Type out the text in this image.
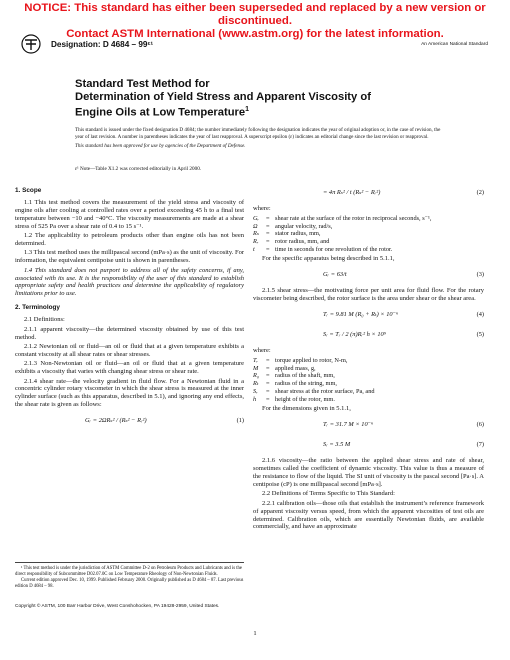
NOTICE: This standard has either been superseded and replaced by a new version or discontinued.
Contact ASTM International (www.astm.org) for the latest information.
Designation: D 4684 – 99ᵋ¹	An American National Standard
Standard Test Method for
Determination of Yield Stress and Apparent Viscosity of
Engine Oils at Low Temperature$^1$
This standard is issued under the fixed designation D 4684; the number immediately following the designation indicates the year of original adoption or, in the case of revision, the year of last revision. A number in parentheses indicates the year of last reapproval. A superscript epsilon (ε) indicates an editorial change since the last revision or reapproval.
This standard has been approved for use by agencies of the Department of Defense.
ε¹ Note—Table X1.2 was corrected editorially in April 2000.
1. Scope
1.1 This test method covers the measurement of the yield stress and viscosity of engine oils after cooling at controlled rates over a period exceeding 45 h to a final test temperature between −10 and −40°C. The viscosity measurements are made at a shear stress of 525 Pa over a shear rate of 0.4 to 15 s⁻¹.
1.2 The applicability to petroleum products other than engine oils has not been determined.
1.3 This test method uses the millipascal second (mPa·s) as the unit of viscosity. For information, the equivalent centipoise unit is shown in parentheses.
1.4 This standard does not purport to address all of the safety concerns, if any, associated with its use. It is the responsibility of the user of this standard to establish appropriate safety and health practices and determine the applicability of regulatory limitations prior to use.
2. Terminology
2.1 Definitions:
2.1.1 apparent viscosity—the determined viscosity obtained by use of this test method.
2.1.2 Newtonian oil or fluid—an oil or fluid that at a given temperature exhibits a constant viscosity at all shear rates or shear stresses.
2.1.3 Non-Newtonian oil or fluid—an oil or fluid that at a given temperature exhibits a viscosity that varies with changing shear stress or shear rate.
2.1.4 shear rate—the velocity gradient in fluid flow. For a Newtonian fluid in a concentric cylinder rotary viscometer in which the shear stress is measured at the inner cylinder surface (such as this apparatus, described in 5.1), and ignoring any end effects, the shear rate is given as follows:
Gᵣ = 2ΩRₛ² / (Rₛ² − Rᵣ²)	(1)
= 4π Rₛ² / t (Rₛ² − Rᵣ²)	(2)
where:
Gᵣ	= shear rate at the surface of the rotor in reciprocal seconds, s⁻¹,
Ω	= angular velocity, rad/s,
Rₛ	= stator radius, mm,
Rᵣ	= rotor radius, mm, and
t	= time in seconds for one revolution of the rotor.
For the specific apparatus being described in 5.1.1,
Gᵣ = 63/t	(3)
2.1.5 shear stress—the motivating force per unit area for fluid flow. For the rotary viscometer being described, the rotor surface is the area under shear or the shear area.
Tᵣ = 9.81 M (R₀ + Rₜ) × 10⁻⁶	(4)
Sᵣ = Tᵣ / 2 (π)Rᵣ² h × 10⁹	(5)
where:
Tᵣ	= torque applied to rotor, N-m,
M	= applied mass, g,
R₀	= radius of the shaft, mm,
Rₜ	= radius of the string, mm,
Sᵣ	= shear stress at the rotor surface, Pa, and
h	= height of the rotor, mm.
For the dimensions given in 5.1.1,
Tᵣ = 31.7 M × 10⁻⁶	(6)
Sᵣ = 3.5 M	(7)
2.1.6 viscosity—the ratio between the applied shear stress and rate of shear, sometimes called the coefficient of dynamic viscosity. This value is thus a measure of the resistance to flow of the liquid. The SI unit of viscosity is the pascal second [Pa·s]. A centipoise (cP) is one millipascal second [mPa·s].
2.2 Definitions of Terms Specific to This Standard:
2.2.1 calibration oils—those oils that establish the instrument’s reference framework of apparent viscosity versus speed, from which the apparent viscosities of test oils are determined. Calibration oils, which are essentially Newtonian fluids, are available commercially, and have an approximate
¹ This test method is under the jurisdiction of ASTM Committee D-2 on Petroleum Products and Lubricants and is the direct responsibility of Subcommittee D02.07.0C on Low Temperature Rheology of Non-Newtonian Fluids.
Current edition approved Dec. 10, 1999. Published February 2000. Originally published as D 4684 – 87. Last previous edition D 4684 – 98.
Copyright © ASTM, 100 Barr Harbor Drive, West Conshohocken, PA 19428-2959, United States.
1
